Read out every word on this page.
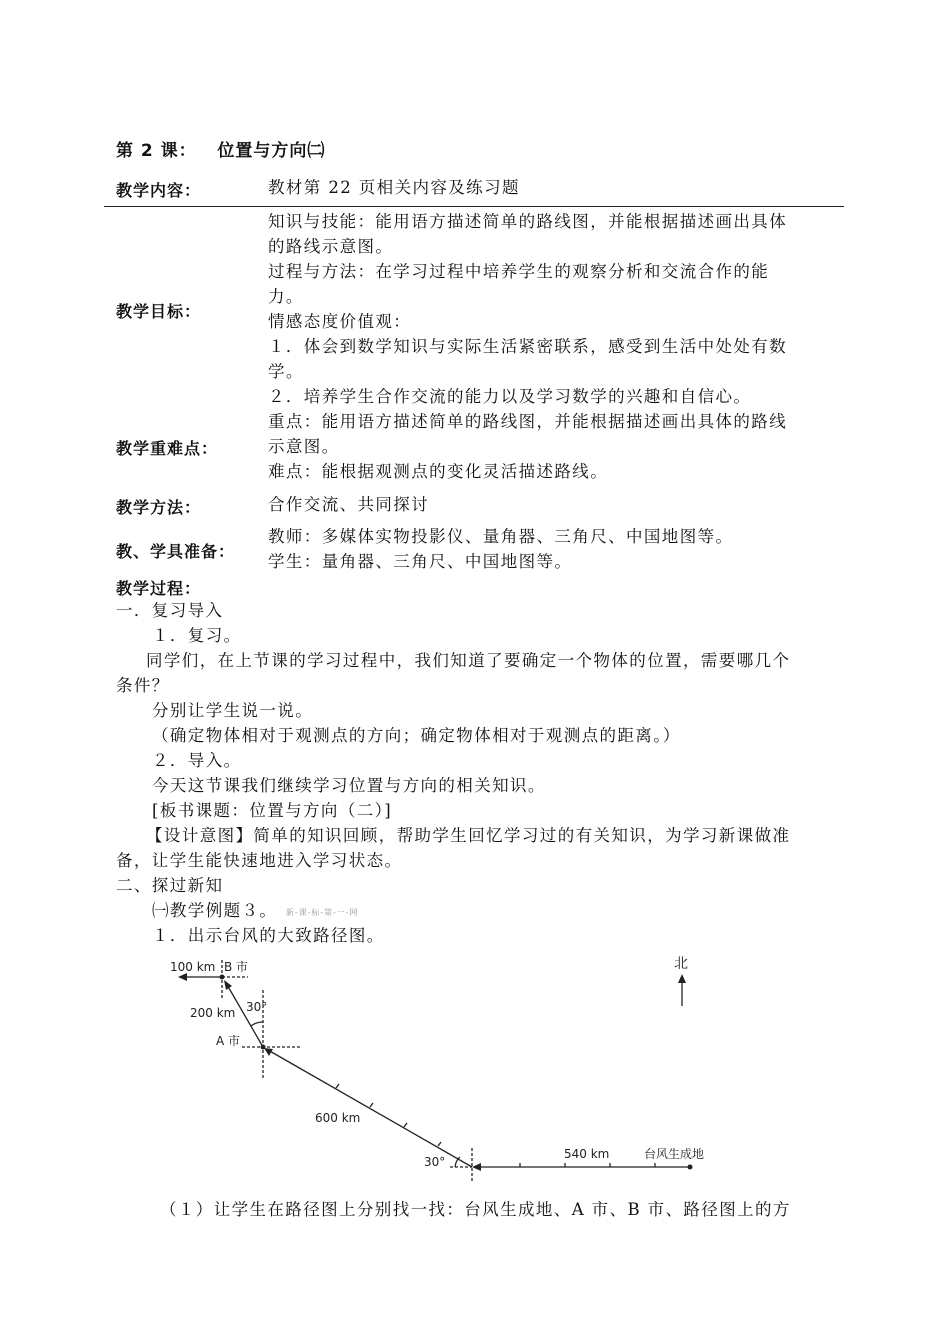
第 2 课：   位置与方向㈡
教学内容：	教材第 22 页相关内容及练习题
教学目标：
知识与技能：能用语方描述简单的路线图，并能根据描述画出具体
的路线示意图。
过程与方法：在学习过程中培养学生的观察分析和交流合作的能
力。
情感态度价值观：
１．体会到数学知识与实际生活紧密联系，感受到生活中处处有数
学。
２．培养学生合作交流的能力以及学习数学的兴趣和自信心。
教学重难点：
重点：能用语方描述简单的路线图，并能根据描述画出具体的路线
示意图。
难点：能根据观测点的变化灵活描述路线。
教学方法：	合作交流、共同探讨
教、学具准备：
教师：多媒体实物投影仪、量角器、三角尺、中国地图等。
学生：量角器、三角尺、中国地图等。
教学过程：
一．复习导入
１．复习。
同学们，在上节课的学习过程中，我们知道了要确定一个物体的位置，需要哪几个
条件？
分别让学生说一说。
（确定物体相对于观测点的方向；确定物体相对于观测点的距离。）
２．导入。
今天这节课我们继续学习位置与方向的相关知识。
[板书课题：位置与方向（二）]
【设计意图】简单的知识回顾，帮助学生回忆学习过的有关知识，为学习新课做准
备，让学生能快速地进入学习状态。
二、探过新知
㈠教学例题３。 新-课-标-第-一-网
１．出示台风的大致路径图。
北
100 km B 市
30°
200 km
A 市
600 km
30°
540 km	台风生成地
（１）让学生在路径图上分别找一找：台风生成地、A 市、B 市、路径图上的方
